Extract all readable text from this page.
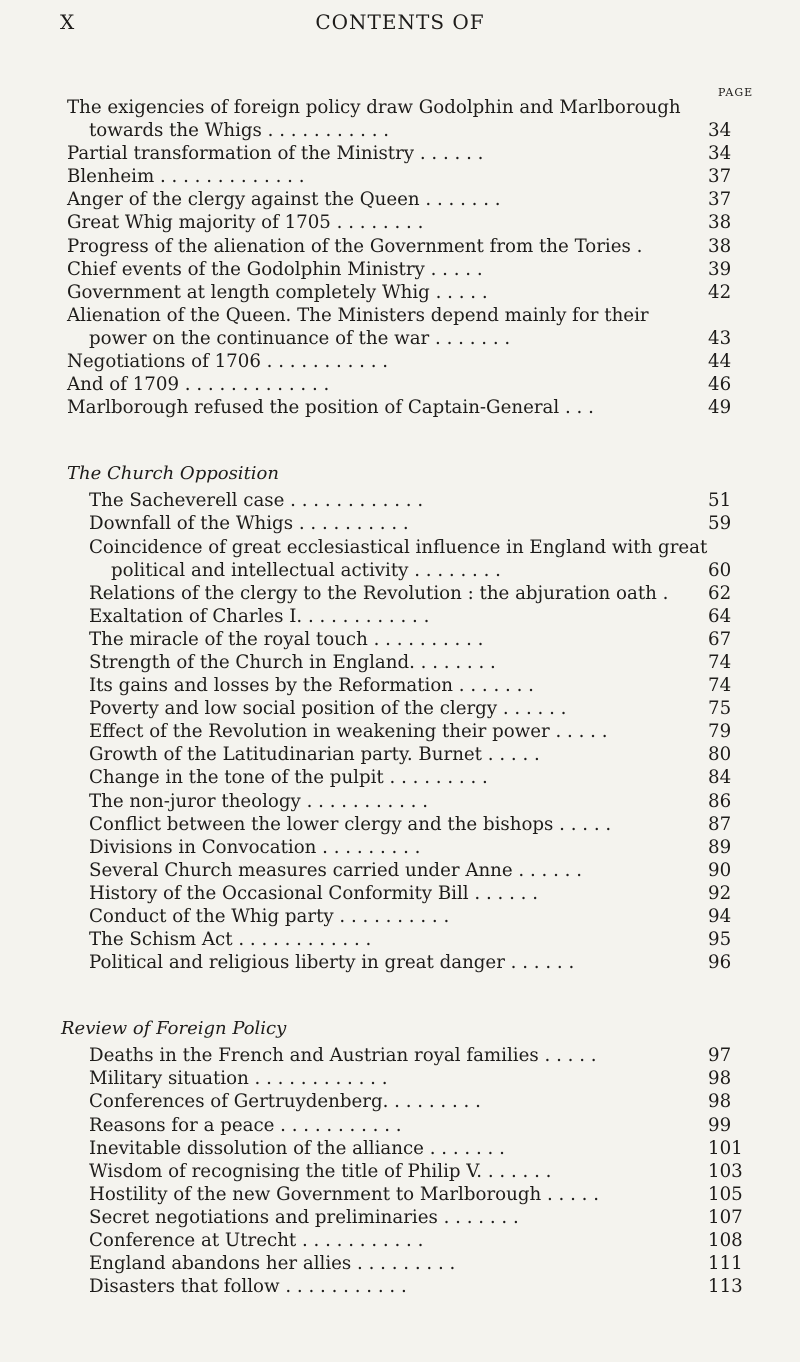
X	CONTENTS OF
PAGE
The exigencies of foreign policy draw Godolphin and Marlborough
towards the Whigs . . . . . . . . . . .	34
Partial transformation of the Ministry . . . . . .	34
Blenheim . . . . . . . . . . . . .	37
Anger of the clergy against the Queen . . . . . . .	37
Great Whig majority of 1705 . . . . . . . .	38
Progress of the alienation of the Government from the Tories .	38
Chief events of the Godolphin Ministry . . . . .	39
Government at length completely Whig . . . . .	42
Alienation of the Queen. The Ministers depend mainly for their
power on the continuance of the war . . . . . . .	43
Negotiations of 1706 . . . . . . . . . . .	44
And of 1709 . . . . . . . . . . . . .	46
Marlborough refused the position of Captain-General . . .	49
The Church Opposition
The Sacheverell case . . . . . . . . . . . .	51
Downfall of the Whigs . . . . . . . . . .	59
Coincidence of great ecclesiastical influence in England with great
political and intellectual activity . . . . . . . .	60
Relations of the clergy to the Revolution : the abjuration oath . 62
Exaltation of Charles I. . . . . . . . . . . .	64
The miracle of the royal touch . . . . . . . . . .	67
Strength of the Church in England. . . . . . . .	74
Its gains and losses by the Reformation . . . . . . .	74
Poverty and low social position of the clergy . . . . . .	75
Effect of the Revolution in weakening their power . . . . .	79
Growth of the Latitudinarian party. Burnet . . . . .	80
Change in the tone of the pulpit . . . . . . . . .	84
The non-juror theology . . . . . . . . . . .	86
Conflict between the lower clergy and the bishops . . . . .	87
Divisions in Convocation . . . . . . . . .	89
Several Church measures carried under Anne . . . . . .	90
History of the Occasional Conformity Bill . . . . . .	92
Conduct of the Whig party . . . . . . . . . .	94
The Schism Act . . . . . . . . . . . .	95
Political and religious liberty in great danger . . . . . .	96
Review of Foreign Policy
Deaths in the French and Austrian royal families . . . . .	97
Military situation . . . . . . . . . . . .	98
Conferences of Gertruydenberg. . . . . . . . .	98
Reasons for a peace . . . . . . . . . . .	99
Inevitable dissolution of the alliance . . . . . . .	101
Wisdom of recognising the title of Philip V. . . . . . .	103
Hostility of the new Government to Marlborough . . . . .	105
Secret negotiations and preliminaries . . . . . . .	107
Conference at Utrecht . . . . . . . . . . .	108
England abandons her allies . . . . . . . . .	111
Disasters that follow . . . . . . . . . . .	113
